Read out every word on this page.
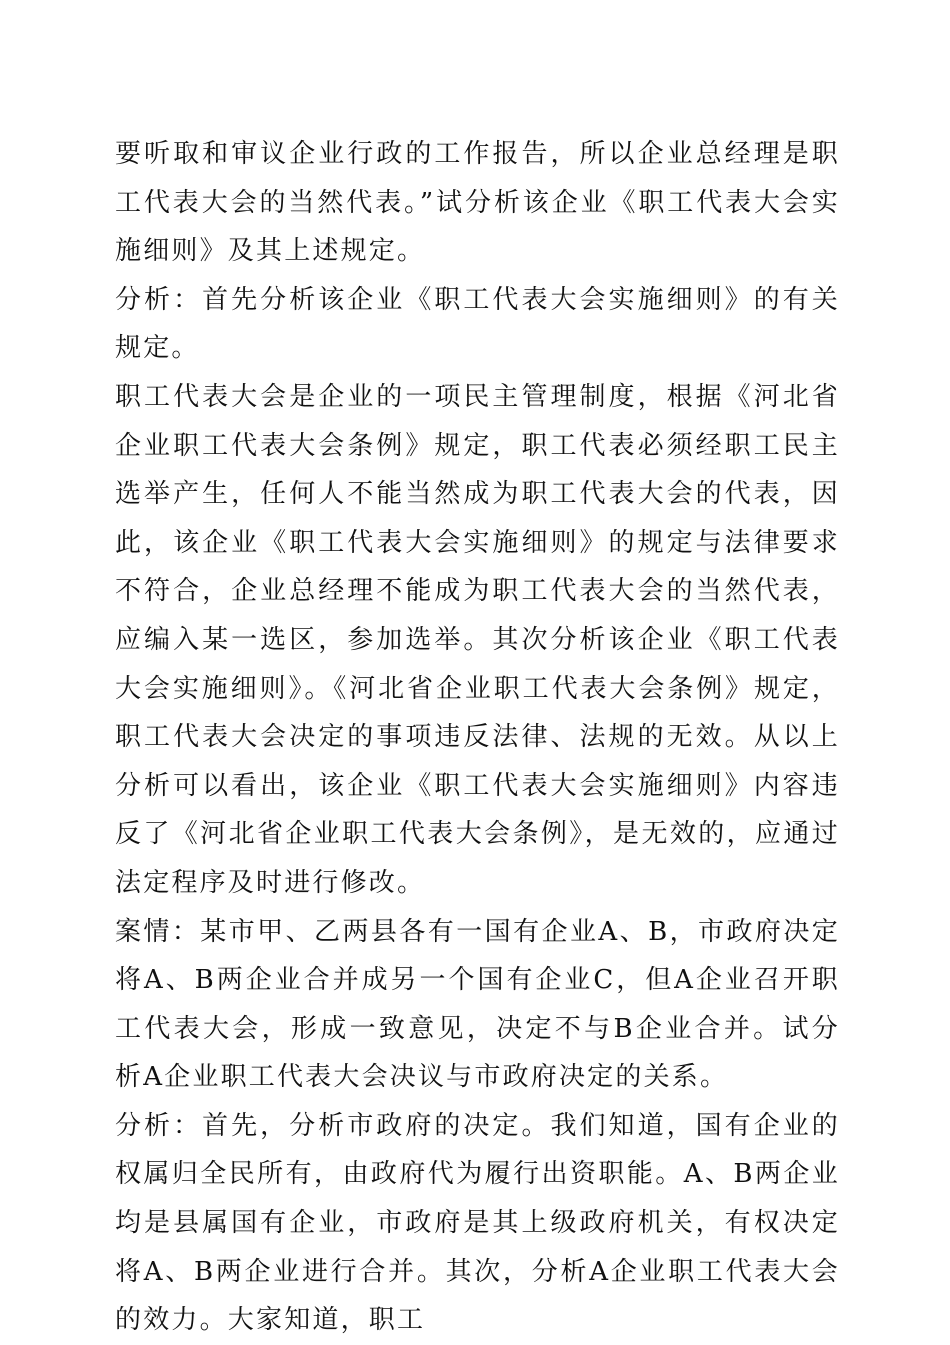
要听取和审议企业行政的工作报告，所以企业总经理是职工代表大会的当然代表。”试分析该企业《职工代表大会实施细则》及其上述规定。

分析：首先分析该企业《职工代表大会实施细则》的有关规定。

职工代表大会是企业的一项民主管理制度，根据《河北省企业职工代表大会条例》规定，职工代表必须经职工民主选举产生，任何人不能当然成为职工代表大会的代表，因此，该企业《职工代表大会实施细则》的规定与法律要求不符合，企业总经理不能成为职工代表大会的当然代表，应编入某一选区，参加选举。其次分析该企业《职工代表大会实施细则》。《河北省企业职工代表大会条例》规定，职工代表大会决定的事项违反法律、法规的无效。从以上分析可以看出，该企业《职工代表大会实施细则》内容违反了《河北省企业职工代表大会条例》，是无效的，应通过法定程序及时进行修改。

案情：某市甲、乙两县各有一国有企业A、B，市政府决定将A、B两企业合并成另一个国有企业C，但A企业召开职工代表大会，形成一致意见，决定不与B企业合并。试分析A企业职工代表大会决议与市政府决定的关系。

分析：首先，分析市政府的决定。我们知道，国有企业的权属归全民所有，由政府代为履行出资职能。A、B两企业均是县属国有企业，市政府是其上级政府机关，有权决定将A、B两企业进行合并。其次，分析A企业职工代表大会的效力。大家知道，职工
